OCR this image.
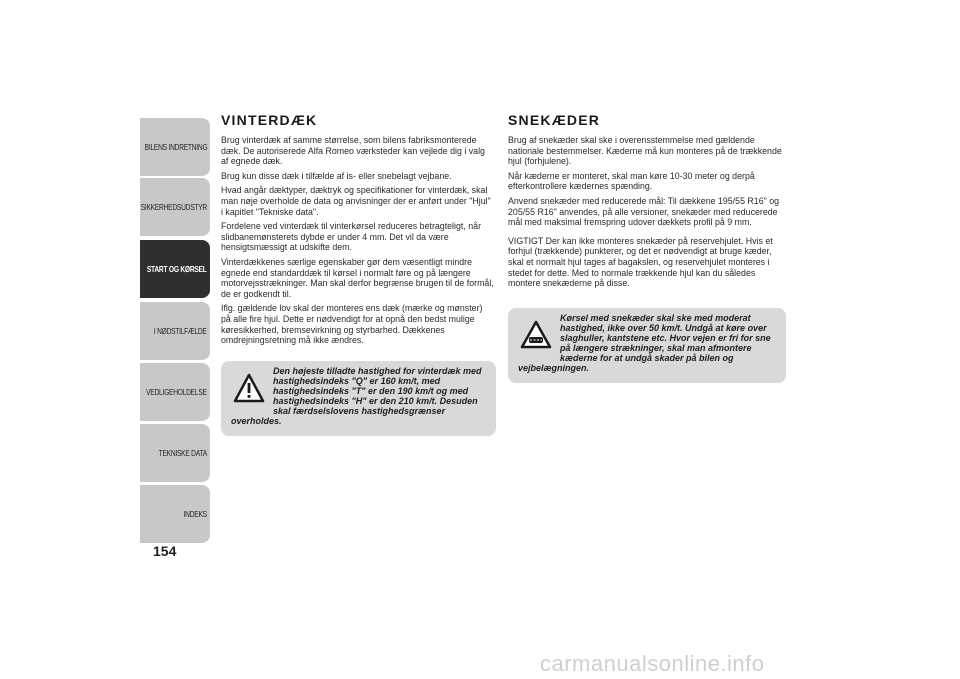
BILENS INDRETNING
SIKKERHEDSUDSTYR
START OG KØRSEL
I NØDSTILFÆLDE
VEDLIGEHOLDELSE
TEKNISKE DATA
INDEKS
154
VINTERDÆK

Brug vinterdæk af samme størrelse, som bilens fabriksmonterede dæk. De autoriserede Alfa Romeo værksteder kan vejlede dig i valg af egnede dæk.

Brug kun disse dæk i tilfælde af is- eller snebelagt vejbane.

Hvad angår dæktyper, dæktryk og specifikationer for vinterdæk, skal man nøje overholde de data og anvisninger der er anført under "Hjul" i kapitlet "Tekniske data".

Fordelene ved vinterdæk til vinterkørsel reduceres betragteligt, når slidbanemønsterets dybde er under 4 mm. Det vil da være hensigtsmæssigt at udskifte dem.

Vinterdækkenes særlige egenskaber gør dem væsentligt mindre egnede end standarddæk til kørsel i normalt føre og på længere motorvejsstrækninger. Man skal derfor begrænse brugen til de formål, de er godkendt til.

Iflg. gældende lov skal der monteres ens dæk (mærke og mønster) på alle fire hjul. Dette er nødvendigt for at opnå den bedst mulige køresikkerhed, bremsevirkning og styrbarhed. Dækkenes omdrejningsretning må ikke ændres.

Den højeste tilladte hastighed for vinterdæk med hastighedsindeks "Q" er 160 km/t, med hastighedsindeks "T" er den 190 km/t og med hastighedsindeks "H" er den 210 km/t. Desuden skal færdselslovens hastighedsgrænser overholdes.
SNEKÆDER

Brug af snekæder skal ske i overensstemmelse med gældende nationale bestemmelser. Kæderne må kun monteres på de trækkende hjul (forhjulene).

Når kæderne er monteret, skal man køre 10-30 meter og derpå efterkontrollere kædernes spænding.

Anvend snekæder med reducerede mål: Til dækkene 195/55 R16" og 205/55 R16" anvendes, på alle versioner, snekæder med reducerede mål med maksimal fremspring udover dækkets profil på 9 mm.

VIGTIGT Der kan ikke monteres snekæder på reservehjulet. Hvis et forhjul (trækkende) punkterer, og det er nødvendigt at bruge kæder, skal et normalt hjul tages af bagakslen, og reservehjulet monteres i stedet for dette. Med to normale trækkende hjul kan du således montere snekæderne på disse.

Kørsel med snekæder skal ske med moderat hastighed, ikke over 50 km/t. Undgå at køre over slaghuller, kantstene etc. Hvor vejen er fri for sne på længere strækninger, skal man afmontere kæderne for at undgå skader på bilen og vejbelægningen.
carmanualsonline.info
